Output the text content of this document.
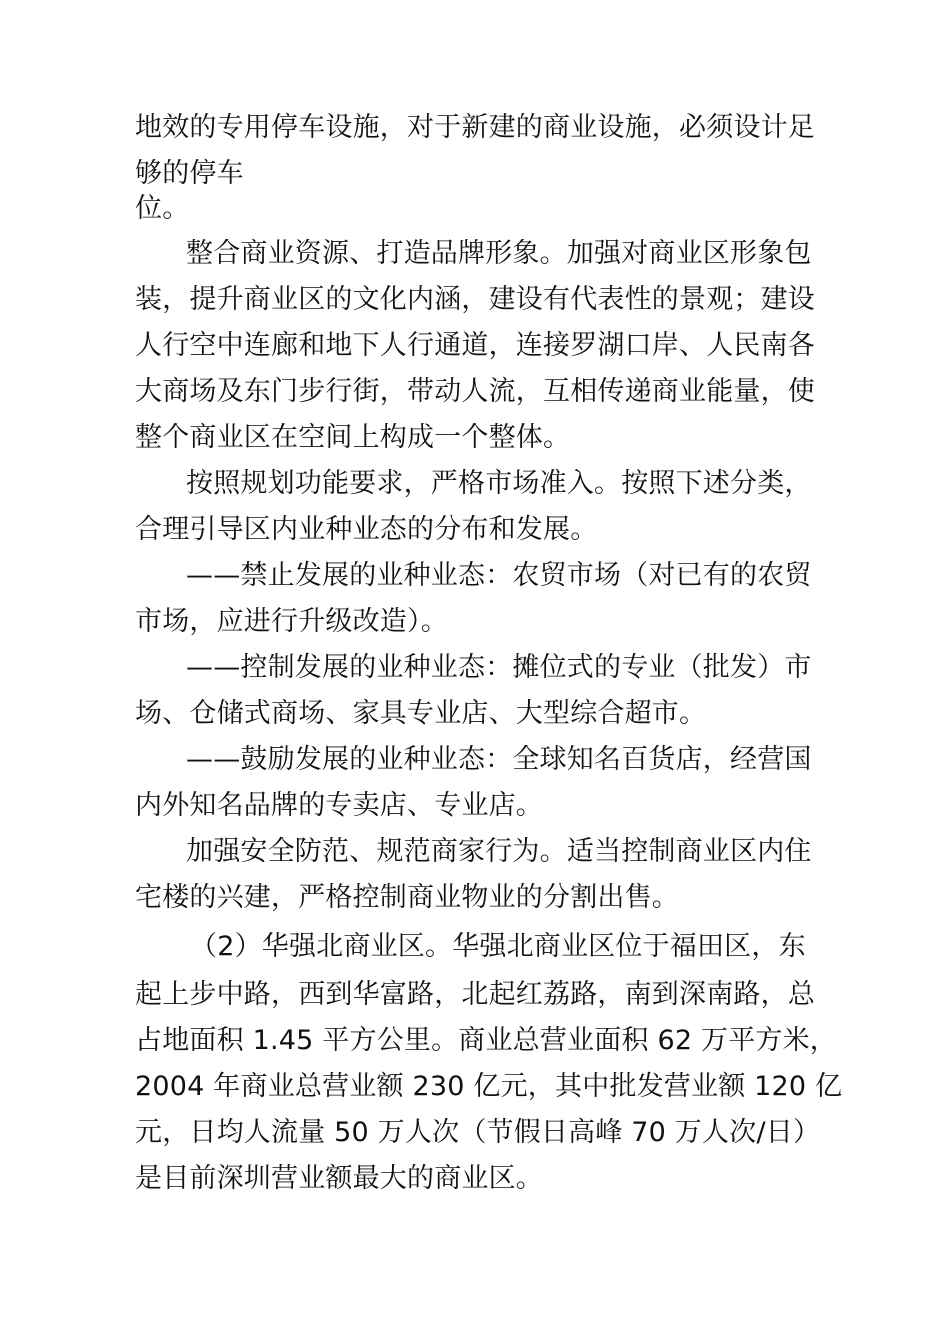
地效的专用停车设施，对于新建的商业设施，必须设计足
够的停车
位。
整合商业资源、打造品牌形象。加强对商业区形象包
装，提升商业区的文化内涵，建设有代表性的景观；建设
人行空中连廊和地下人行通道，连接罗湖口岸、人民南各
大商场及东门步行街，带动人流，互相传递商业能量，使
整个商业区在空间上构成一个整体。
按照规划功能要求，严格市场准入。按照下述分类，
合理引导区内业种业态的分布和发展。
——禁止发展的业种业态：农贸市场（对已有的农贸
市场，应进行升级改造）。
——控制发展的业种业态：摊位式的专业（批发）市
场、仓储式商场、家具专业店、大型综合超市。
——鼓励发展的业种业态：全球知名百货店，经营国
内外知名品牌的专卖店、专业店。
加强安全防范、规范商家行为。适当控制商业区内住
宅楼的兴建，严格控制商业物业的分割出售。
（2）华强北商业区。华强北商业区位于福田区，东
起上步中路，西到华富路，北起红荔路，南到深南路，总
占地面积 1.45 平方公里。商业总营业面积 62 万平方米，
2004 年商业总营业额 230 亿元，其中批发营业额 120 亿
元，日均人流量 50 万人次（节假日高峰 70 万人次/日）
是目前深圳营业额最大的商业区。
